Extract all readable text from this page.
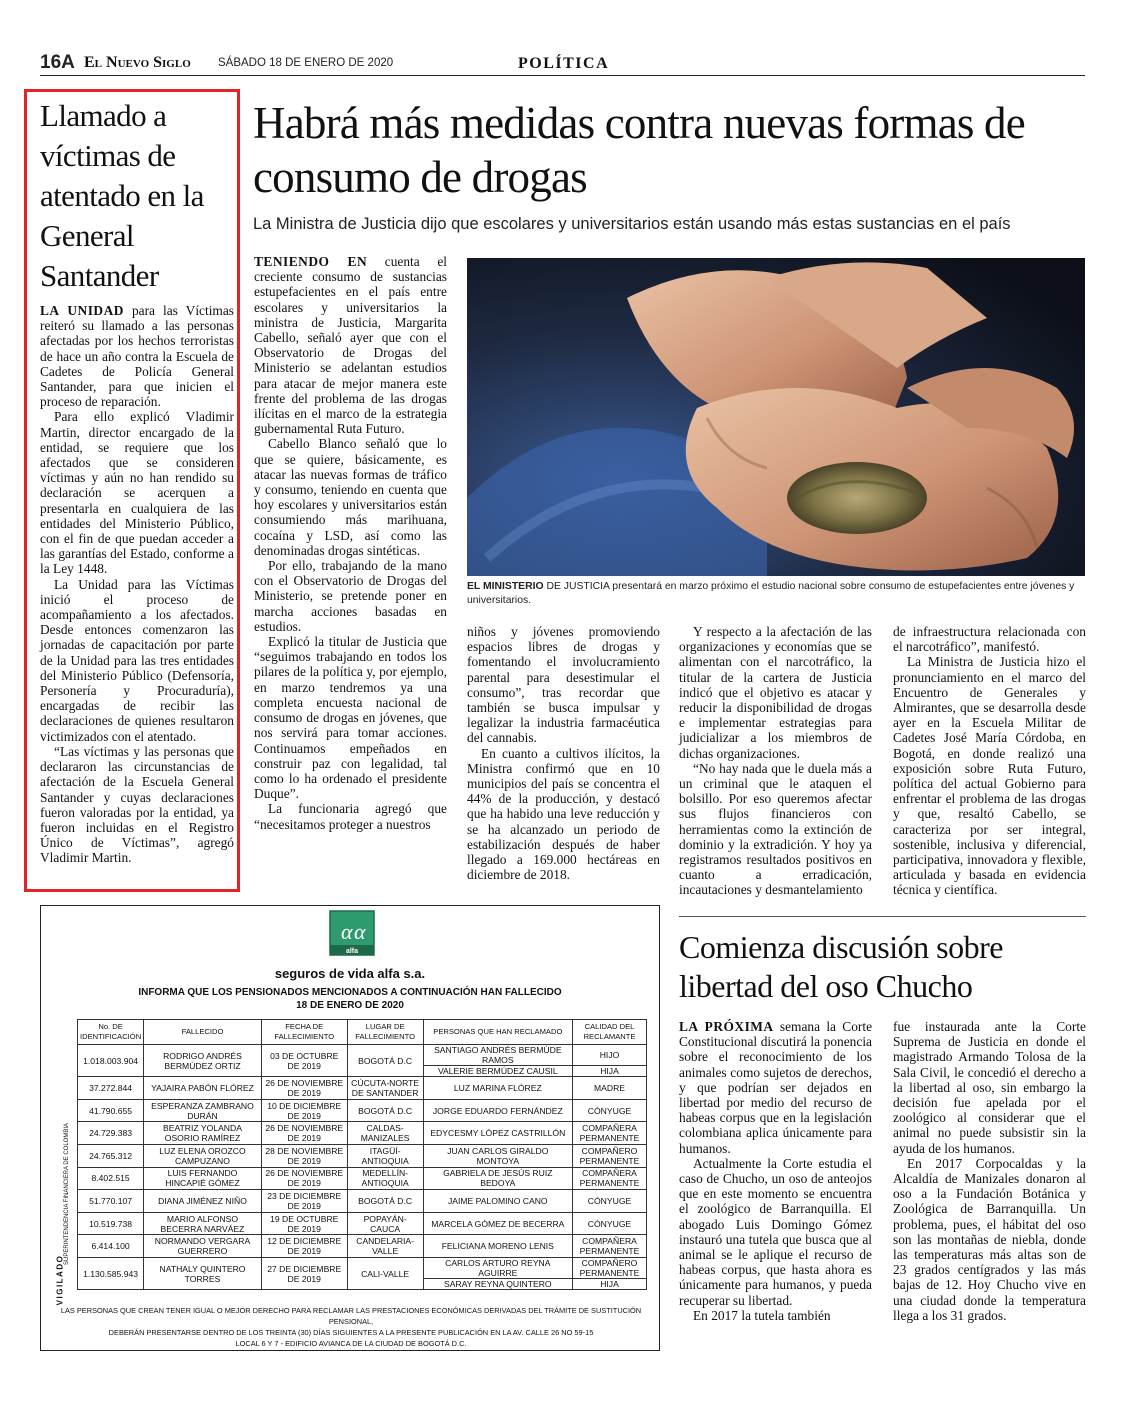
16A El Nuevo Siglo SÁBADO 18 DE ENERO DE 2020	POLÍTICA
Llamado a víctimas de atentado en la General Santander

LA UNIDAD para las Víctimas reiteró su llamado a las personas afectadas por los hechos terroristas de hace un año contra la Escuela de Cadetes de Policía General Santander, para que inicien el proceso de reparación.

Para ello explicó Vladimir Martin, director encargado de la entidad, se requiere que los afectados que se consideren víctimas y aún no han rendido su declaración se acerquen a presentarla en cualquiera de las entidades del Ministerio Público, con el fin de que puedan acceder a las garantías del Estado, conforme a la Ley 1448.

La Unidad para las Víctimas inició el proceso de acompañamiento a los afectados. Desde entonces comenzaron las jornadas de capacitación por parte de la Unidad para las tres entidades del Ministerio Público (Defensoría, Personería y Procuraduría), encargadas de recibir las declaraciones de quienes resultaron victimizados con el atentado.

“Las víctimas y las personas que declararon las circunstancias de afectación de la Escuela General Santander y cuyas declaraciones fueron valoradas por la entidad, ya fueron incluidas en el Registro Único de Víctimas”, agregó Vladimir Martin.

Habrá más medidas contra nuevas formas de consumo de drogas
La Ministra de Justicia dijo que escolares y universitarios están usando más estas sustancias en el país

TENIENDO EN cuenta el creciente consumo de sustancias estupefacientes en el país entre escolares y universitarios la ministra de Justicia, Margarita Cabello, señaló ayer que con el Observatorio de Drogas del Ministerio se adelantan estudios para atacar de mejor manera este frente del problema de las drogas ilícitas en el marco de la estrategia gubernamental Ruta Futuro.

Cabello Blanco señaló que lo que se quiere, básicamente, es atacar las nuevas formas de tráfico y consumo, teniendo en cuenta que hoy escolares y universitarios están consumiendo más marihuana, cocaína y LSD, así como las denominadas drogas sintéticas.

Por ello, trabajando de la mano con el Observatorio de Drogas del Ministerio, se pretende poner en marcha acciones basadas en estudios.

Explicó la titular de Justicia que “seguimos trabajando en todos los pilares de la política y, por ejemplo, en marzo tendremos ya una completa encuesta nacional de consumo de drogas en jóvenes, que nos servirá para tomar acciones. Continuamos empeñados en construir paz con legalidad, tal como lo ha ordenado el presidente Duque”.

La funcionaria agregó que “necesitamos proteger a nuestros

EL MINISTERIO DE JUSTICIA presentará en marzo próximo el estudio nacional sobre consumo de estupefacientes entre jóvenes y universitarios.

niños y jóvenes promoviendo espacios libres de drogas y fomentando el involucramiento parental para desestimular el consumo”, tras recordar que también se busca impulsar y legalizar la industria farmacéutica del cannabis.

En cuanto a cultivos ilícitos, la Ministra confirmó que en 10 municipios del país se concentra el 44% de la producción, y destacó que ha habido una leve reducción y se ha alcanzado un periodo de estabilización después de haber llegado a 169.000 hectáreas en diciembre de 2018.

Y respecto a la afectación de las organizaciones y economías que se alimentan con el narcotráfico, la titular de la cartera de Justicia indicó que el objetivo es atacar y reducir la disponibilidad de drogas e implementar estrategias para judicializar a los miembros de dichas organizaciones.

“No hay nada que le duela más a un criminal que le ataquen el bolsillo. Por eso queremos afectar sus flujos financieros con herramientas como la extinción de dominio y la extradición. Y hoy ya registramos resultados positivos en cuanto a erradicación, incautaciones y desmantelamiento

de infraestructura relacionada con el narcotráfico”, manifestó.

La Ministra de Justicia hizo el pronunciamiento en el marco del Encuentro de Generales y Almirantes, que se desarrolla desde ayer en la Escuela Militar de Cadetes José María Córdoba, en Bogotá, en donde realizó una exposición sobre Ruta Futuro, política del actual Gobierno para enfrentar el problema de las drogas y que, resaltó Cabello, se caracteriza por ser integral, sostenible, inclusiva y diferencial, participativa, innovadora y flexible, articulada y basada en evidencia técnica y científica.

Comienza discusión sobre libertad del oso Chucho

LA PRÓXIMA semana la Corte Constitucional discutirá la ponencia sobre el reconocimiento de los animales como sujetos de derechos, y que podrían ser dejados en libertad por medio del recurso de habeas corpus que en la legislación colombiana aplica únicamente para humanos.

Actualmente la Corte estudia el caso de Chucho, un oso de anteojos que en este momento se encuentra el zoológico de Barranquilla. El abogado Luis Domingo Gómez instauró una tutela que busca que al animal se le aplique el recurso de habeas corpus, que hasta ahora es únicamente para humanos, y pueda recuperar su libertad.

En 2017 la tutela también

fue instaurada ante la Corte Suprema de Justicia en donde el magistrado Armando Tolosa de la Sala Civil, le concedió el derecho a la libertad al oso, sin embargo la decisión fue apelada por el zoológico al considerar que el animal no puede subsistir sin la ayuda de los humanos.

En 2017 Corpocaldas y la Alcaldía de Manizales donaron al oso a la Fundación Botánica y Zoológica de Barranquilla. Un problema, pues, el hábitat del oso son las montañas de niebla, donde las temperaturas más altas son de 23 grados centígrados y las más bajas de 12. Hoy Chucho vive en una ciudad donde la temperatura llega a los 31 grados.

α α
alfa
seguros de vida alfa s.a.
INFORMA QUE LOS PENSIONADOS MENCIONADOS A CONTINUACIÓN HAN FALLECIDO
18 DE ENERO DE 2020
No. DE IDENTIFICACIÓN	FALLECIDO	FECHA DE FALLECIMIENTO	LUGAR DE FALLECIMIENTO	PERSONAS QUE HAN RECLAMADO	CALIDAD DEL RECLAMANTE
1.018.003.904	RODRIGO ANDRÉS BERMÚDEZ ORTIZ	03 DE OCTUBRE DE 2019	BOGOTÁ D.C	SANTIAGO ANDRÉS BERMÚDE RAMOS	HIJO
				VALERIE BERMÚDEZ CAUSIL	HIJA
37.272.844	YAJAIRA PABÓN FLÓREZ	26 DE NOVIEMBRE DE 2019	CÚCUTA-NORTE DE SANTANDER	LUZ MARINA FLÓREZ	MADRE
41.790.655	ESPERANZA ZAMBRANO DURÁN	10 DE DICIEMBRE DE 2019	BOGOTÁ D.C	JORGE EDUARDO FERNÁNDEZ	CÓNYUGE
24.729.383	BEATRIZ YOLANDA OSORIO RAMÍREZ	26 DE NOVIEMBRE DE 2019	CALDAS-MANIZALES	EDYCESMY LÓPEZ CASTRILLÓN	COMPAÑERA PERMANENTE
24.765.312	LUZ ELENA OROZCO CAMPUZANO	28 DE NOVIEMBRE DE 2019	ITAGÜÍ-ANTIOQUIA	JUAN CARLOS GIRALDO MONTOYA	COMPAÑERO PERMANENTE
8.402.515	LUIS FERNANDO HINCAPIÉ GÓMEZ	26 DE NOVIEMBRE DE 2019	MEDELLÍN-ANTIOQUIA	GABRIELA DE JESÚS RUIZ BEDOYA	COMPAÑERA PERMANENTE
51.770.107	DIANA JIMÉNEZ NIÑO	23 DE DICIEMBRE DE 2019	BOGOTÁ D.C	JAIME PALOMINO CANO	CÓNYUGE
10.519.738	MARIO ALFONSO BECERRA NARVÁEZ	19 DE OCTUBRE DE 2019	POPAYÁN-CAUCA	MARCELA GÓMEZ DE BECERRA	CÓNYUGE
6.414.100	NORMANDO VERGARA GUERRERO	12 DE DICIEMBRE DE 2019	CANDELARIA-VALLE	FELICIANA MORENO LENIS	COMPAÑERA PERMANENTE
1.130.585.943	NATHALY QUINTERO TORRES	27 DE DICIEMBRE DE 2019	CALI-VALLE	CARLOS ARTURO REYNA AGUIRRE	COMPAÑERO PERMANENTE
				SARAY REYNA QUINTERO	HIJA
VIGILADO
SUPERINTENDENCIA FINANCIERA DE COLOMBIA
LAS PERSONAS QUE CREAN TENER IGUAL O MEJOR DERECHO PARA RECLAMAR LAS PRESTACIONES ECONÓMICAS DERIVADAS DEL TRÁMITE DE SUSTITUCIÓN PENSIONAL,
DEBERÁN PRESENTARSE DENTRO DE LOS TREINTA (30) DÍAS SIGUIENTES A LA PRESENTE PUBLICACIÓN EN LA AV. CALLE 26 NO 59-15
LOCAL 6 Y 7 - EDIFICIO AVIANCA DE LA CIUDAD DE BOGOTÁ D.C.
